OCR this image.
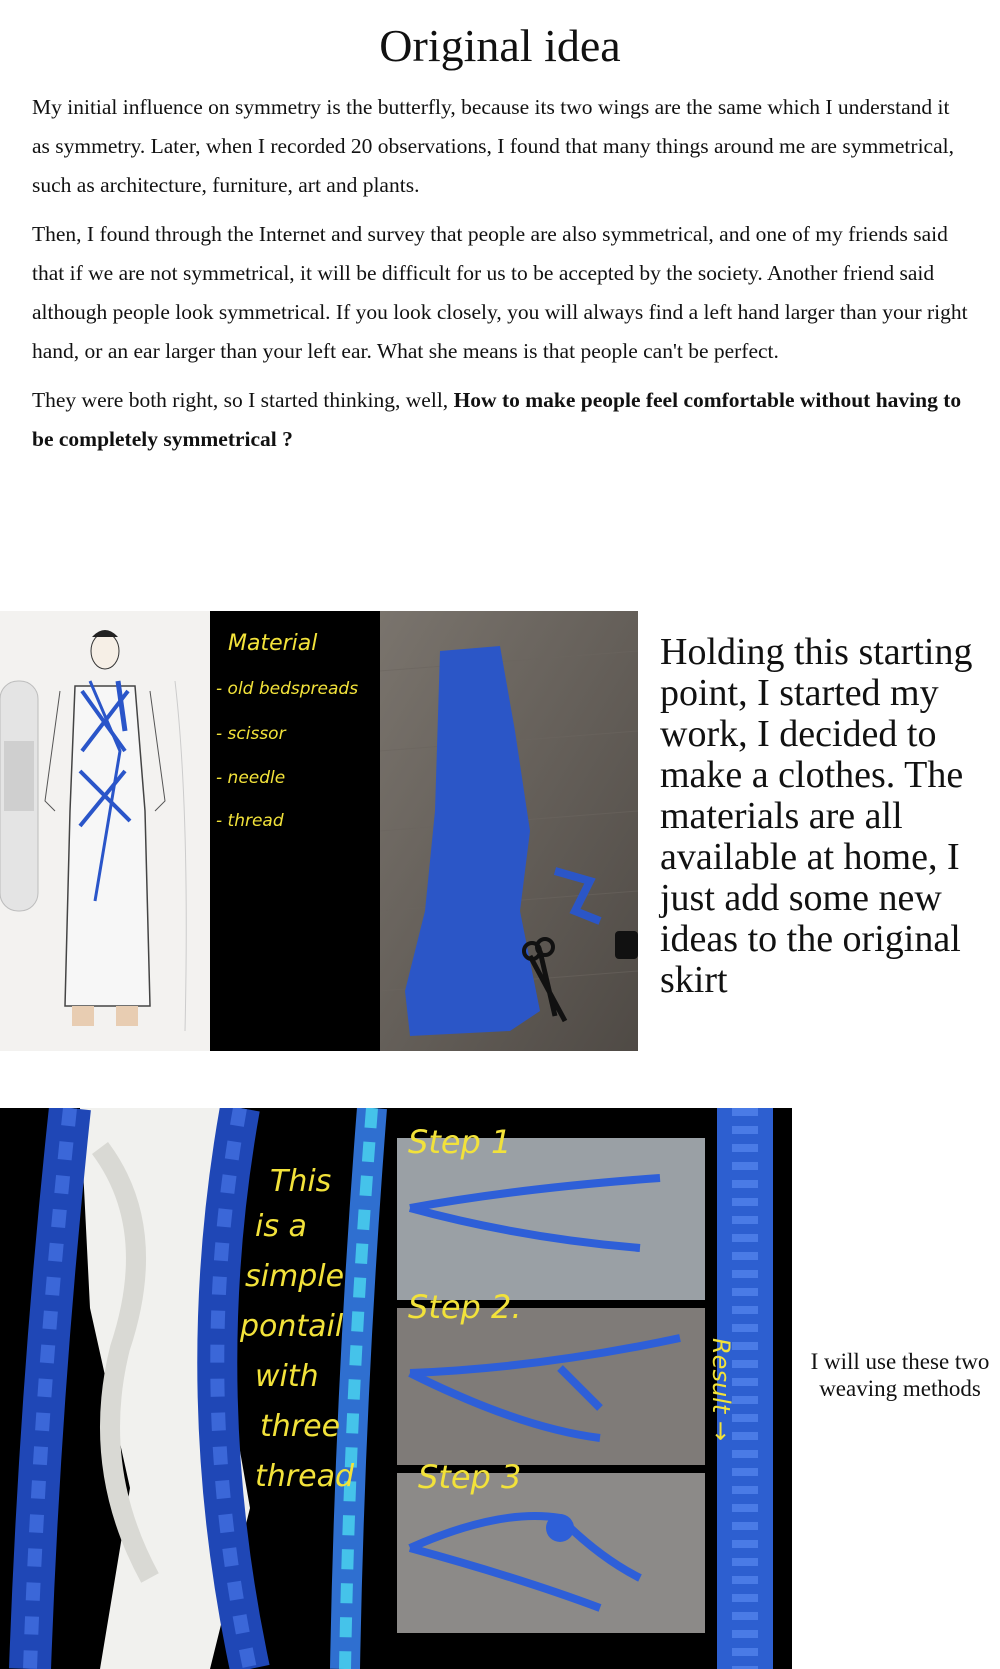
Original idea

My initial influence on symmetry is the butterfly, because its two wings are the same which I understand it as symmetry. Later, when I recorded 20 observations, I found that many things around me are symmetrical, such as architecture, furniture, art and plants.

Then, I found through the Internet and survey that people are also symmetrical, and one of my friends said that if we are not symmetrical, it will be difficult for us to be accepted by the society. Another friend said although people look symmetrical. If you look closely, you will always find a left hand larger than your right hand, or an ear larger than your left ear. What she means is that people can't be perfect.

They were both right, so I started thinking, well, How to make people feel comfortable without having to be completely symmetrical ?

Material
- old bedspreads
- scissor
- needle
- thread
Holding this starting point, I started my work, I decided to make a clothes. The materials are all available at home, I just add some new ideas to the original skirt
This
is a
simple
pontail
with
three
thread
Step 1
Step 2.
Step 3
Result →	I will use these two weaving methods
